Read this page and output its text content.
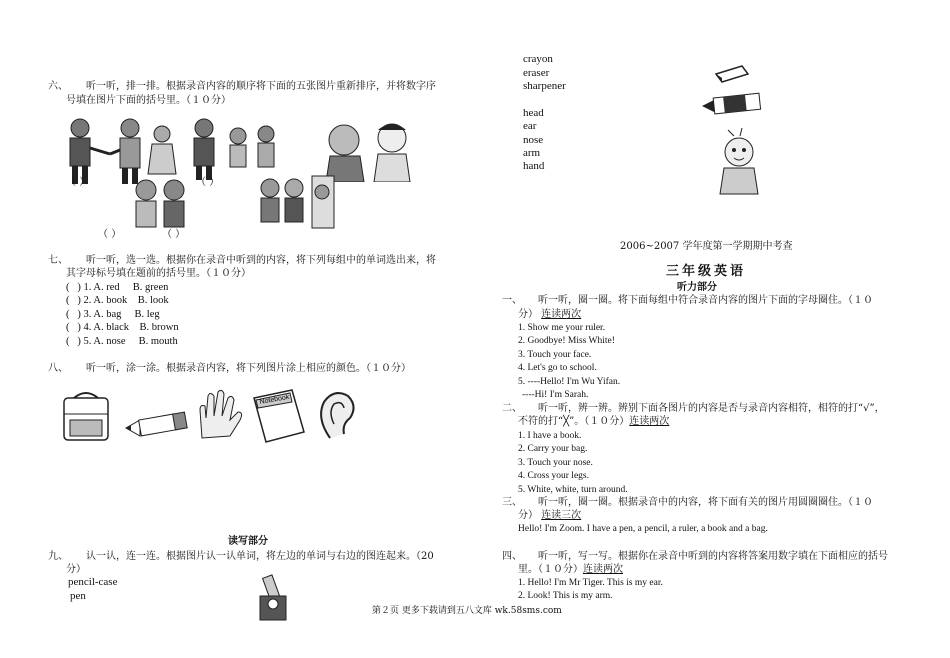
六、 听一听，排一排。根据录音内容的顺序将下面的五张图片重新排序，并将数字序
号填在图片下面的括号里。（１０分）
（ ）	（ ）
（ ）	（ ）
七、 听一听，选一选。根据你在录音中听到的内容，将下列每组中的单词选出来，将
其字母标号填在题前的括号里。（１０分）
(   ) 1. A. red     B. green
(   ) 2. A. book    B. look
(   ) 3. A. bag     B. leg
(   ) 4. A. black    B. brown
(   ) 5. A. nose     B. mouth
八、 听一听，涂一涂。根据录音内容，将下列图片涂上相应的颜色。（１０分）
Notebook
读写部分
九、 认一认，连一连。根据图片认一认单词，将左边的单词与右边的图连起来。（20
分）
pencil-case
pen
第２页 更多下载请到五八文库 wk.58sms.com
crayon
eraser
sharpener
head
ear
nose
arm
hand
2006~2007 学年度第一学期期中考查
三年级英语
听力部分
一、 听一听，圈一圈。将下面每组中符合录音内容的图片下面的字母圈住。（１０
分） 连读两次
1. Show me your ruler.
2. Goodbye! Miss White!
3. Touch your face.
4. Let's go to school.
5. ----Hello! I'm Wu Yifan.
----Hi! I'm Sarah.
二、 听一听，辨一辨。辨别下面各图片的内容是否与录音内容相符，相符的打“√”，
不符的打“╳”。（１０分）连读两次
1. I have a book.
2. Carry your bag.
3. Touch your nose.
4. Cross your legs.
5. White, white, turn around.
三、 听一听，圈一圈。根据录音中的内容，将下面有关的图片用圆圈圈住。（１０
分） 连读三次
Hello! I'm Zoom. I have a pen, a pencil, a ruler, a book and a bag.
四、 听一听，写一写。根据你在录音中听到的内容将答案用数字填在下面相应的括号
里。（１０分）连读两次
1. Hello! I'm Mr Tiger. This is my ear.
2. Look! This is my arm.
